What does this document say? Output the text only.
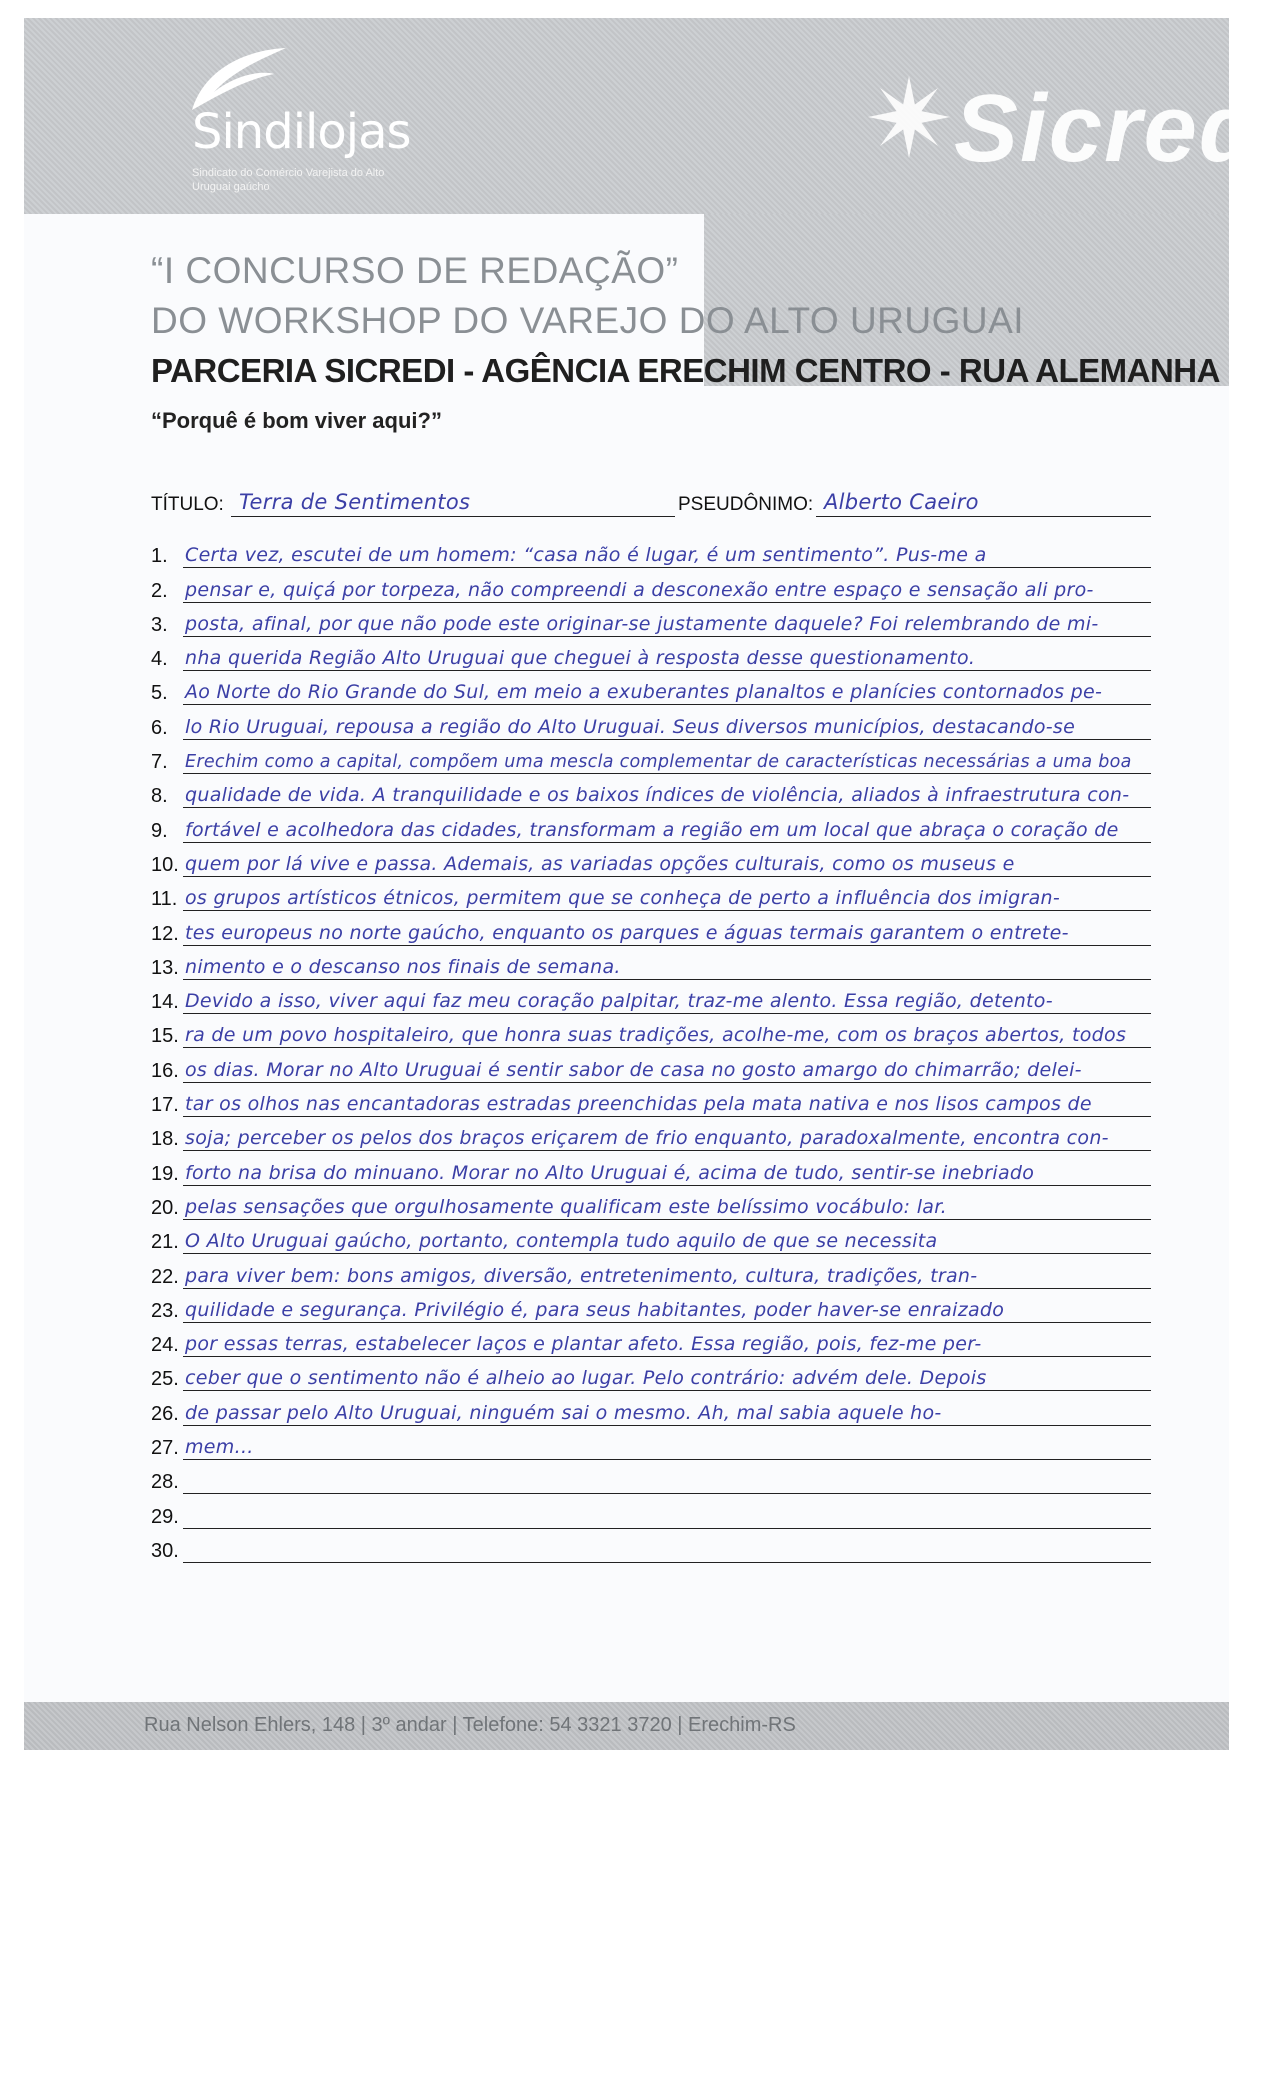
Sindilojas
Sindicato do Comércio Varejista do Alto Uruguai gaúcho
Sicredi
“I CONCURSO DE REDAÇÃO”
DO WORKSHOP DO VAREJO DO ALTO URUGUAI
PARCERIA SICREDI - AGÊNCIA ERECHIM CENTRO - RUA ALEMANHA
“Porquê é bom viver aqui?”
TÍTULO: Terra de Sentimentos	PSEUDÔNIMO: Alberto Caeiro
1. Certa vez, escutei de um homem: “casa não é lugar, é um sentimento”. Pus-me a
2. pensar e, quiçá por torpeza, não compreendi a desconexão entre espaço e sensação ali pro-
3. posta, afinal, por que não pode este originar-se justamente daquele? Foi relembrando de mi-
4. nha querida Região Alto Uruguai que cheguei à resposta desse questionamento.
5. Ao Norte do Rio Grande do Sul, em meio a exuberantes planaltos e planícies contornados pe-
6. lo Rio Uruguai, repousa a região do Alto Uruguai. Seus diversos municípios, destacando-se
7. Erechim como a capital, compõem uma mescla complementar de características necessárias a uma boa
8. qualidade de vida. A tranquilidade e os baixos índices de violência, aliados à infraestrutura con-
9. fortável e acolhedora das cidades, transformam a região em um local que abraça o coração de
10. quem por lá vive e passa. Ademais, as variadas opções culturais, como os museus e
11. os grupos artísticos étnicos, permitem que se conheça de perto a influência dos imigran-
12. tes europeus no norte gaúcho, enquanto os parques e águas termais garantem o entrete-
13. nimento e o descanso nos finais de semana.
14. Devido a isso, viver aqui faz meu coração palpitar, traz-me alento. Essa região, detento-
15. ra de um povo hospitaleiro, que honra suas tradições, acolhe-me, com os braços abertos, todos
16. os dias. Morar no Alto Uruguai é sentir sabor de casa no gosto amargo do chimarrão; delei-
17. tar os olhos nas encantadoras estradas preenchidas pela mata nativa e nos lisos campos de
18. soja; perceber os pelos dos braços eriçarem de frio enquanto, paradoxalmente, encontra con-
19. forto na brisa do minuano. Morar no Alto Uruguai é, acima de tudo, sentir-se inebriado
20. pelas sensações que orgulhosamente qualificam este belíssimo vocábulo: lar.
21. O Alto Uruguai gaúcho, portanto, contempla tudo aquilo de que se necessita
22. para viver bem: bons amigos, diversão, entretenimento, cultura, tradições, tran-
23. quilidade e segurança. Privilégio é, para seus habitantes, poder haver-se enraizado
24. por essas terras, estabelecer laços e plantar afeto. Essa região, pois, fez-me per-
25. ceber que o sentimento não é alheio ao lugar. Pelo contrário: advém dele. Depois
26. de passar pelo Alto Uruguai, ninguém sai o mesmo. Ah, mal sabia aquele ho-
27. mem...
28.
29.
30.
Rua Nelson Ehlers, 148 | 3º andar | Telefone: 54 3321 3720 | Erechim-RS
